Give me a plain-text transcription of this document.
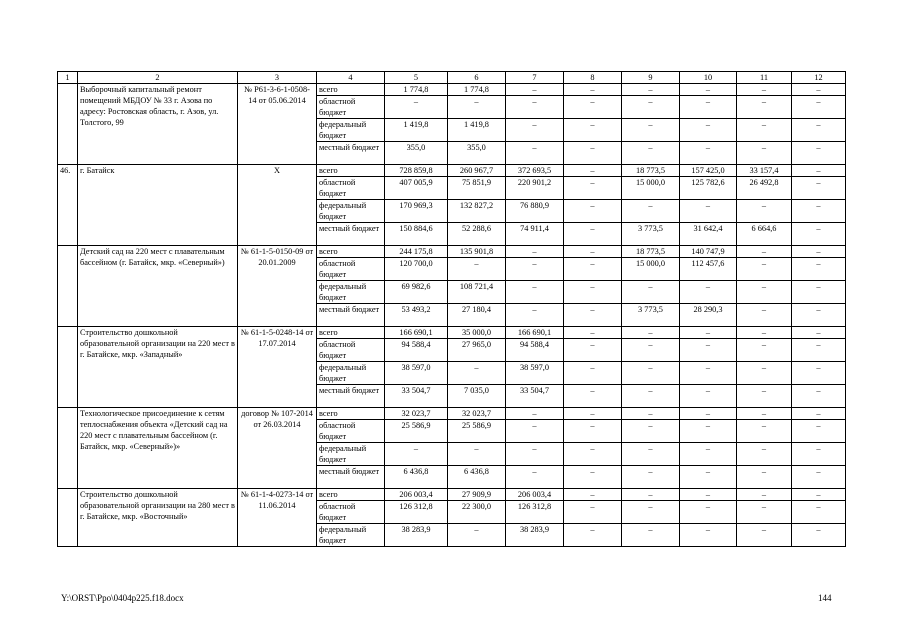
1	2	3	4	5	6	7	8	9	10	11	12
	Выборочный капитальный ремонт помещений МБДОУ № 33 г. Азова по адресу: Ростовская область, г. Азов, ул. Толстого, 99	№ Р61-3-6-1-0508-14 от 05.06.2014	всего	1 774,8	1 774,8	–	–	–	–	–	–
			областной бюджет	–	–	–	–	–	–	–	–
			федеральный бюджет	1 419,8	1 419,8	–	–	–	–	–	–
			местный бюджет	355,0	355,0	–	–	–	–	–	–
46.	г. Батайск	Х	всего	728 859,8	260 967,7	372 693,5	–	18 773,5	157 425,0	33 157,4	–
			областной бюджет	407 005,9	75 851,9	220 901,2	–	15 000,0	125 782,6	26 492,8	–
			федеральный бюджет	170 969,3	132 827,2	76 880,9	–	–	–	–	–
			местный бюджет	150 884,6	52 288,6	74 911,4	–	3 773,5	31 642,4	6 664,6	–
	Детский сад на 220 мест с плавательным бассейном (г. Батайск, мкр. «Северный»)	№ 61-1-5-0150-09 от 20.01.2009	всего	244 175,8	135 901,8	–	–	18 773,5	140 747,9	–	–
			областной бюджет	120 700,0	–	–	–	15 000,0	112 457,6	–	–
			федеральный бюджет	69 982,6	108 721,4	–	–	–	–	–	–
			местный бюджет	53 493,2	27 180,4	–	–	3 773,5	28 290,3	–	–
	Строительство дошкольной образовательной организации на 220 мест в г. Батайске, мкр. «Западный»	№ 61-1-5-0248-14 от 17.07.2014	всего	166 690,1	35 000,0	166 690,1	–	–	–	–	–
			областной бюджет	94 588,4	27 965,0	94 588,4	–	–	–	–	–
			федеральный бюджет	38 597,0	–	38 597,0	–	–	–	–	–
			местный бюджет	33 504,7	7 035,0	33 504,7	–	–	–	–	–
	Технологическое присоединение к сетям теплоснабжения объекта «Детский сад на 220 мест с плавательным бассейном (г. Батайск, мкр. «Северный»)»	договор № 107-2014 от 26.03.2014	всего	32 023,7	32 023,7	–	–	–	–	–	–
			областной бюджет	25 586,9	25 586,9	–	–	–	–	–	–
			федеральный бюджет	–	–	–	–	–	–	–	–
			местный бюджет	6 436,8	6 436,8	–	–	–	–	–	–
	Строительство дошкольной образовательной организации на 280 мест в г. Батайске, мкр. «Восточный»	№ 61-1-4-0273-14 от 11.06.2014	всего	206 003,4	27 909,9	206 003,4	–	–	–	–	–
			областной бюджет	126 312,8	22 300,0	126 312,8	–	–	–	–	–
			федеральный бюджет	38 283,9	–	38 283,9	–	–	–	–	–
Y:\ORST\Ppo\0404p225.f18.docx	144
